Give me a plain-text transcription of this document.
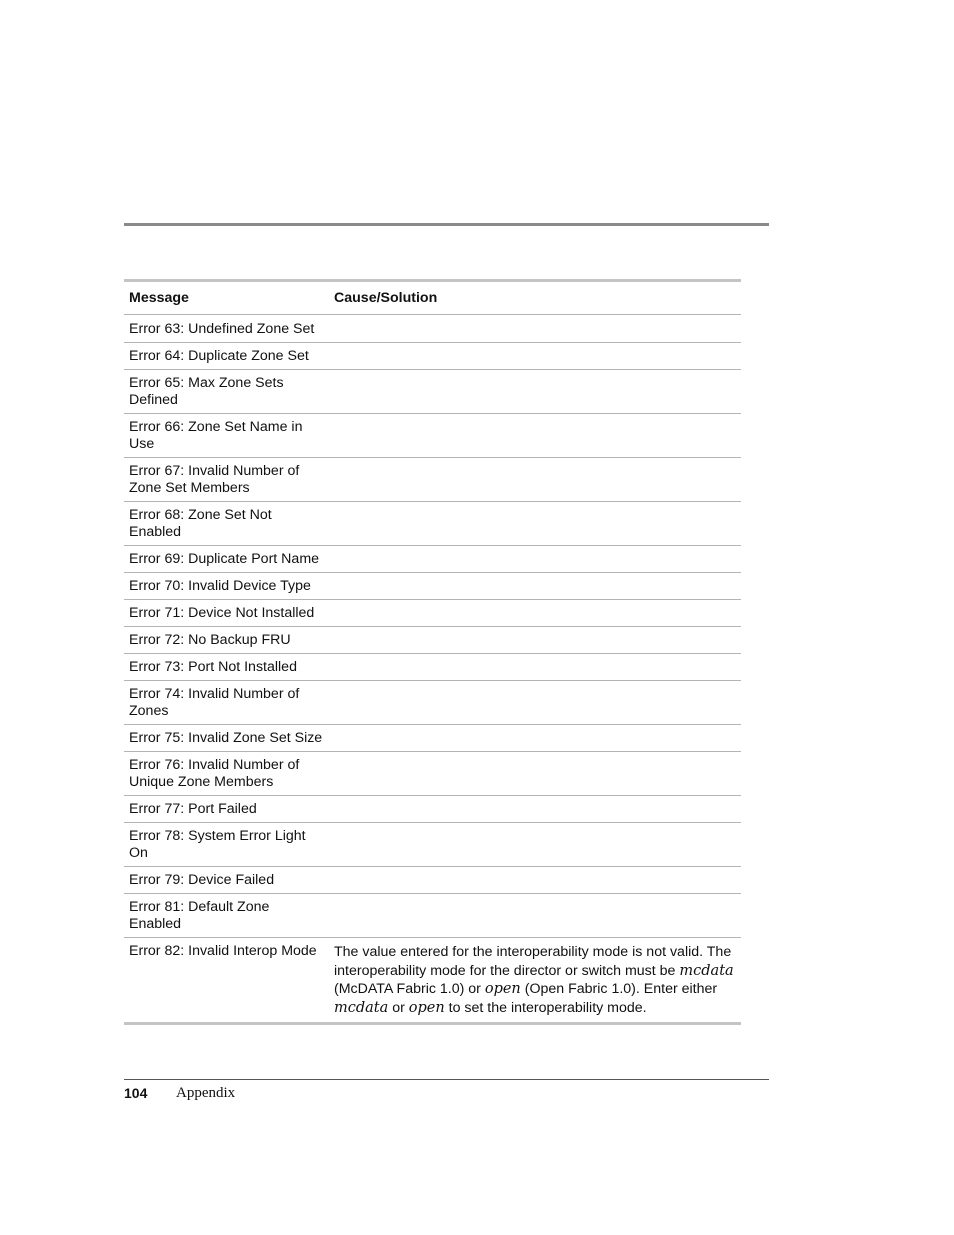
Message	Cause/Solution
Error 63: Undefined Zone Set	
Error 64: Duplicate Zone Set	
Error 65: Max Zone Sets Defined	
Error 66: Zone Set Name in Use	
Error 67: Invalid Number of Zone Set Members	
Error 68: Zone Set Not Enabled	
Error 69: Duplicate Port Name	
Error 70: Invalid Device Type	
Error 71: Device Not Installed	
Error 72: No Backup FRU	
Error 73: Port Not Installed	
Error 74: Invalid Number of Zones	
Error 75: Invalid Zone Set Size	
Error 76: Invalid Number of Unique Zone Members	
Error 77: Port Failed	
Error 78: System Error Light On	
Error 79: Device Failed	
Error 81: Default Zone Enabled	
Error 82: Invalid Interop Mode	The value entered for the interoperability mode is not valid. The interoperability mode for the director or switch must be mcdata (McDATA Fabric 1.0) or open (Open Fabric 1.0). Enter either mcdata or open to set the interoperability mode.
104 Appendix
